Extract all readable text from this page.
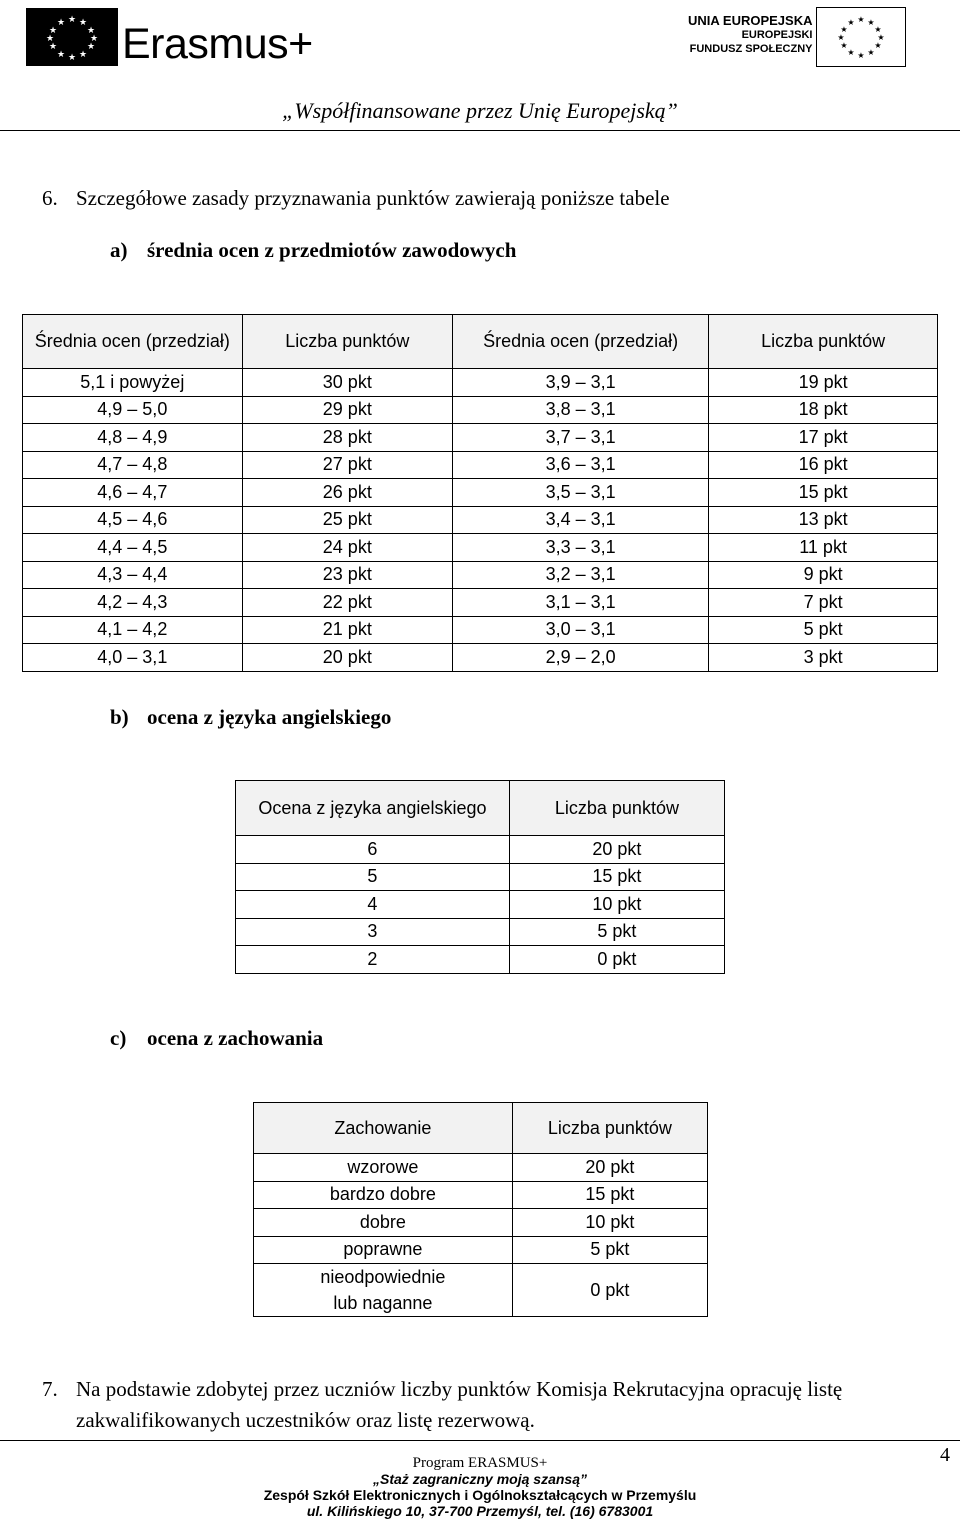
★ ★
★
★
★
★
★
★
★
★
★
★ Erasmus+	UNIA EUROPEJSKA
EUROPEJSKI
FUNDUSZ SPOŁECZNY
★ ★
★
★
★
★
★
★
★
★
★
★
„Współfinansowane przez Unię Europejską”
6. Szczegółowe zasady przyznawania punktów zawierają poniższe tabele
a) średnia ocen z przedmiotów zawodowych
Średnia ocen (przedział)	Liczba punktów	Średnia ocen (przedział)	Liczba punktów
5,1 i powyżej	30 pkt	3,9 – 3,1	19 pkt
4,9 – 5,0	29 pkt	3,8 – 3,1	18 pkt
4,8 – 4,9	28 pkt	3,7 – 3,1	17 pkt
4,7 – 4,8	27 pkt	3,6 – 3,1	16 pkt
4,6 – 4,7	26 pkt	3,5 – 3,1	15 pkt
4,5 – 4,6	25 pkt	3,4 – 3,1	13 pkt
4,4 – 4,5	24 pkt	3,3 – 3,1	11 pkt
4,3 – 4,4	23 pkt	3,2 – 3,1	9 pkt
4,2 – 4,3	22 pkt	3,1 – 3,1	7 pkt
4,1 – 4,2	21 pkt	3,0 – 3,1	5 pkt
4,0 – 3,1	20 pkt	2,9 – 2,0	3 pkt
b) ocena z języka angielskiego
Ocena z języka angielskiego	Liczba punktów
6	20 pkt
5	15 pkt
4	10 pkt
3	5 pkt
2	0 pkt
c) ocena z zachowania
Zachowanie	Liczba punktów
wzorowe	20 pkt
bardzo dobre	15 pkt
dobre	10 pkt
poprawne	5 pkt
nieodpowiednie
lub naganne	0 pkt
7. Na podstawie zdobytej przez uczniów liczby punktów Komisja Rekrutacyjna opracuję listę
zakwalifikowanych uczestników oraz listę rezerwową.
4
Program ERASMUS+
„Staż zagraniczny moją szansą”
Zespół Szkół Elektronicznych i Ogólnokształcących w Przemyślu
ul. Kilińskiego 10, 37-700 Przemyśl, tel. (16) 6783001
